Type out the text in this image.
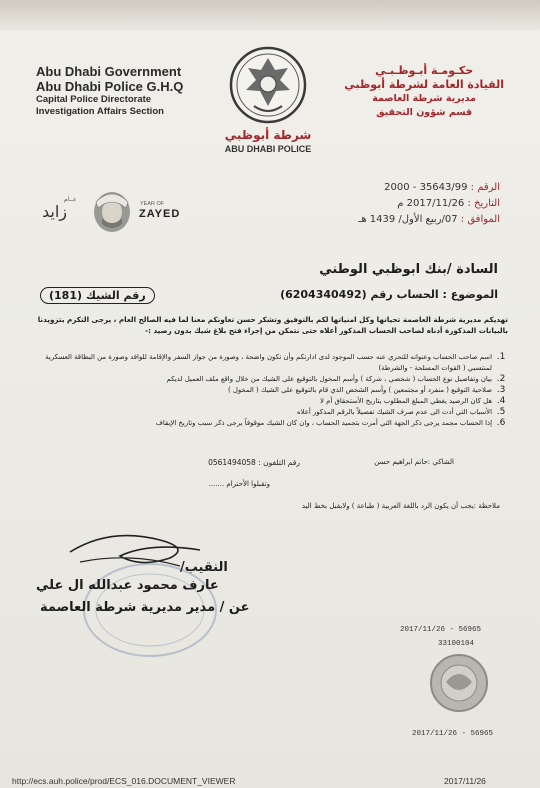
Abu Dhabi Government
Abu Dhabi Police G.H.Q
Capital Police Directorate
Investigation Affairs Section
حكـومـة أبـوظـبـي
القيادة العامة لشرطة أبوظبي
مديرية شرطة العاصمة
قسم شؤون التحقيق
شرطة أبوظبي
ABU DHABI POLICE
عــام
زايد	YEAR OF
ZAYED
الرقم : 35643/99 - 2000
التاريخ : 2017/11/26 م
الموافق : 07/ربيع الأول/ 1439 هـ
السادة /بنك ابوظبي الوطني
الموضوع : الحساب رقم (6204340492)
رقم الشيك (181)
تهديكم مديرية شرطة العاصمة تحياتها وكل امنياتها لكم بالتوفيق وتشكر حسن تعاونكم معنا لما فيه الصالح العام ، يرجى التكرم بتزويدنا بالبيانات المذكورة أدناه لصاحب الحساب المذكور أعلاه حتى نتمكن من إجراء فتح بلاغ شيك بدون رصيد :-
1.
اسم صاحب الحساب وعنوانه للتحري عنه حسب الموجود لدى ادارتكم وأن تكون واضحة ، وصورة من جواز السفر والإقامة للوافد وصورة من البطاقة العسكرية لمنتسبي ( القوات المسلحة - والشرطة)
2.
بيان وتفاصيل نوع الحساب ( شخصي ، شركة ) وأسم المخول بالتوقيع على الشيك من خلال واقع ملف العميل لديكم
3.
صلاحية التوقيع ( منفرد أو مجتمعين ) وأسم الشخص الذي قام بالتوقيع على الشيك ( المخول )
4.
هل كان الرصيد يغطي المبلغ المطلوب بتاريخ الأستحقاق أم لا
5.
الأسباب التي أدت الى عدم صرف الشيك تفصيلاً بالرقم المذكور أعلاه
6.
إذا الحساب مجمد يرجى ذكر الجهة التي أمرت بتجميد الحساب ، وان كان الشيك موقوفاً يرجى ذكر سبب وتاريخ الإيقاف
الشاكي :حاتم ابراهيم حسن
رقم التلفون : 0561494058
وتقبلوا الأحترام .......
ملاحظة :يجب أن يكون الرد باللغة العربية ( طباعة ) ولايقبل بخط اليد
النقيب/
عارف محمود عبدالله ال علي
عن / مدير مديرية شرطة العاصمة
2017/11/26 - 56965
33100104
2017/11/26 - 56965
http://ecs.auh.police/prod/ECS_016.DOCUMENT_VIEWER	2017/11/26
